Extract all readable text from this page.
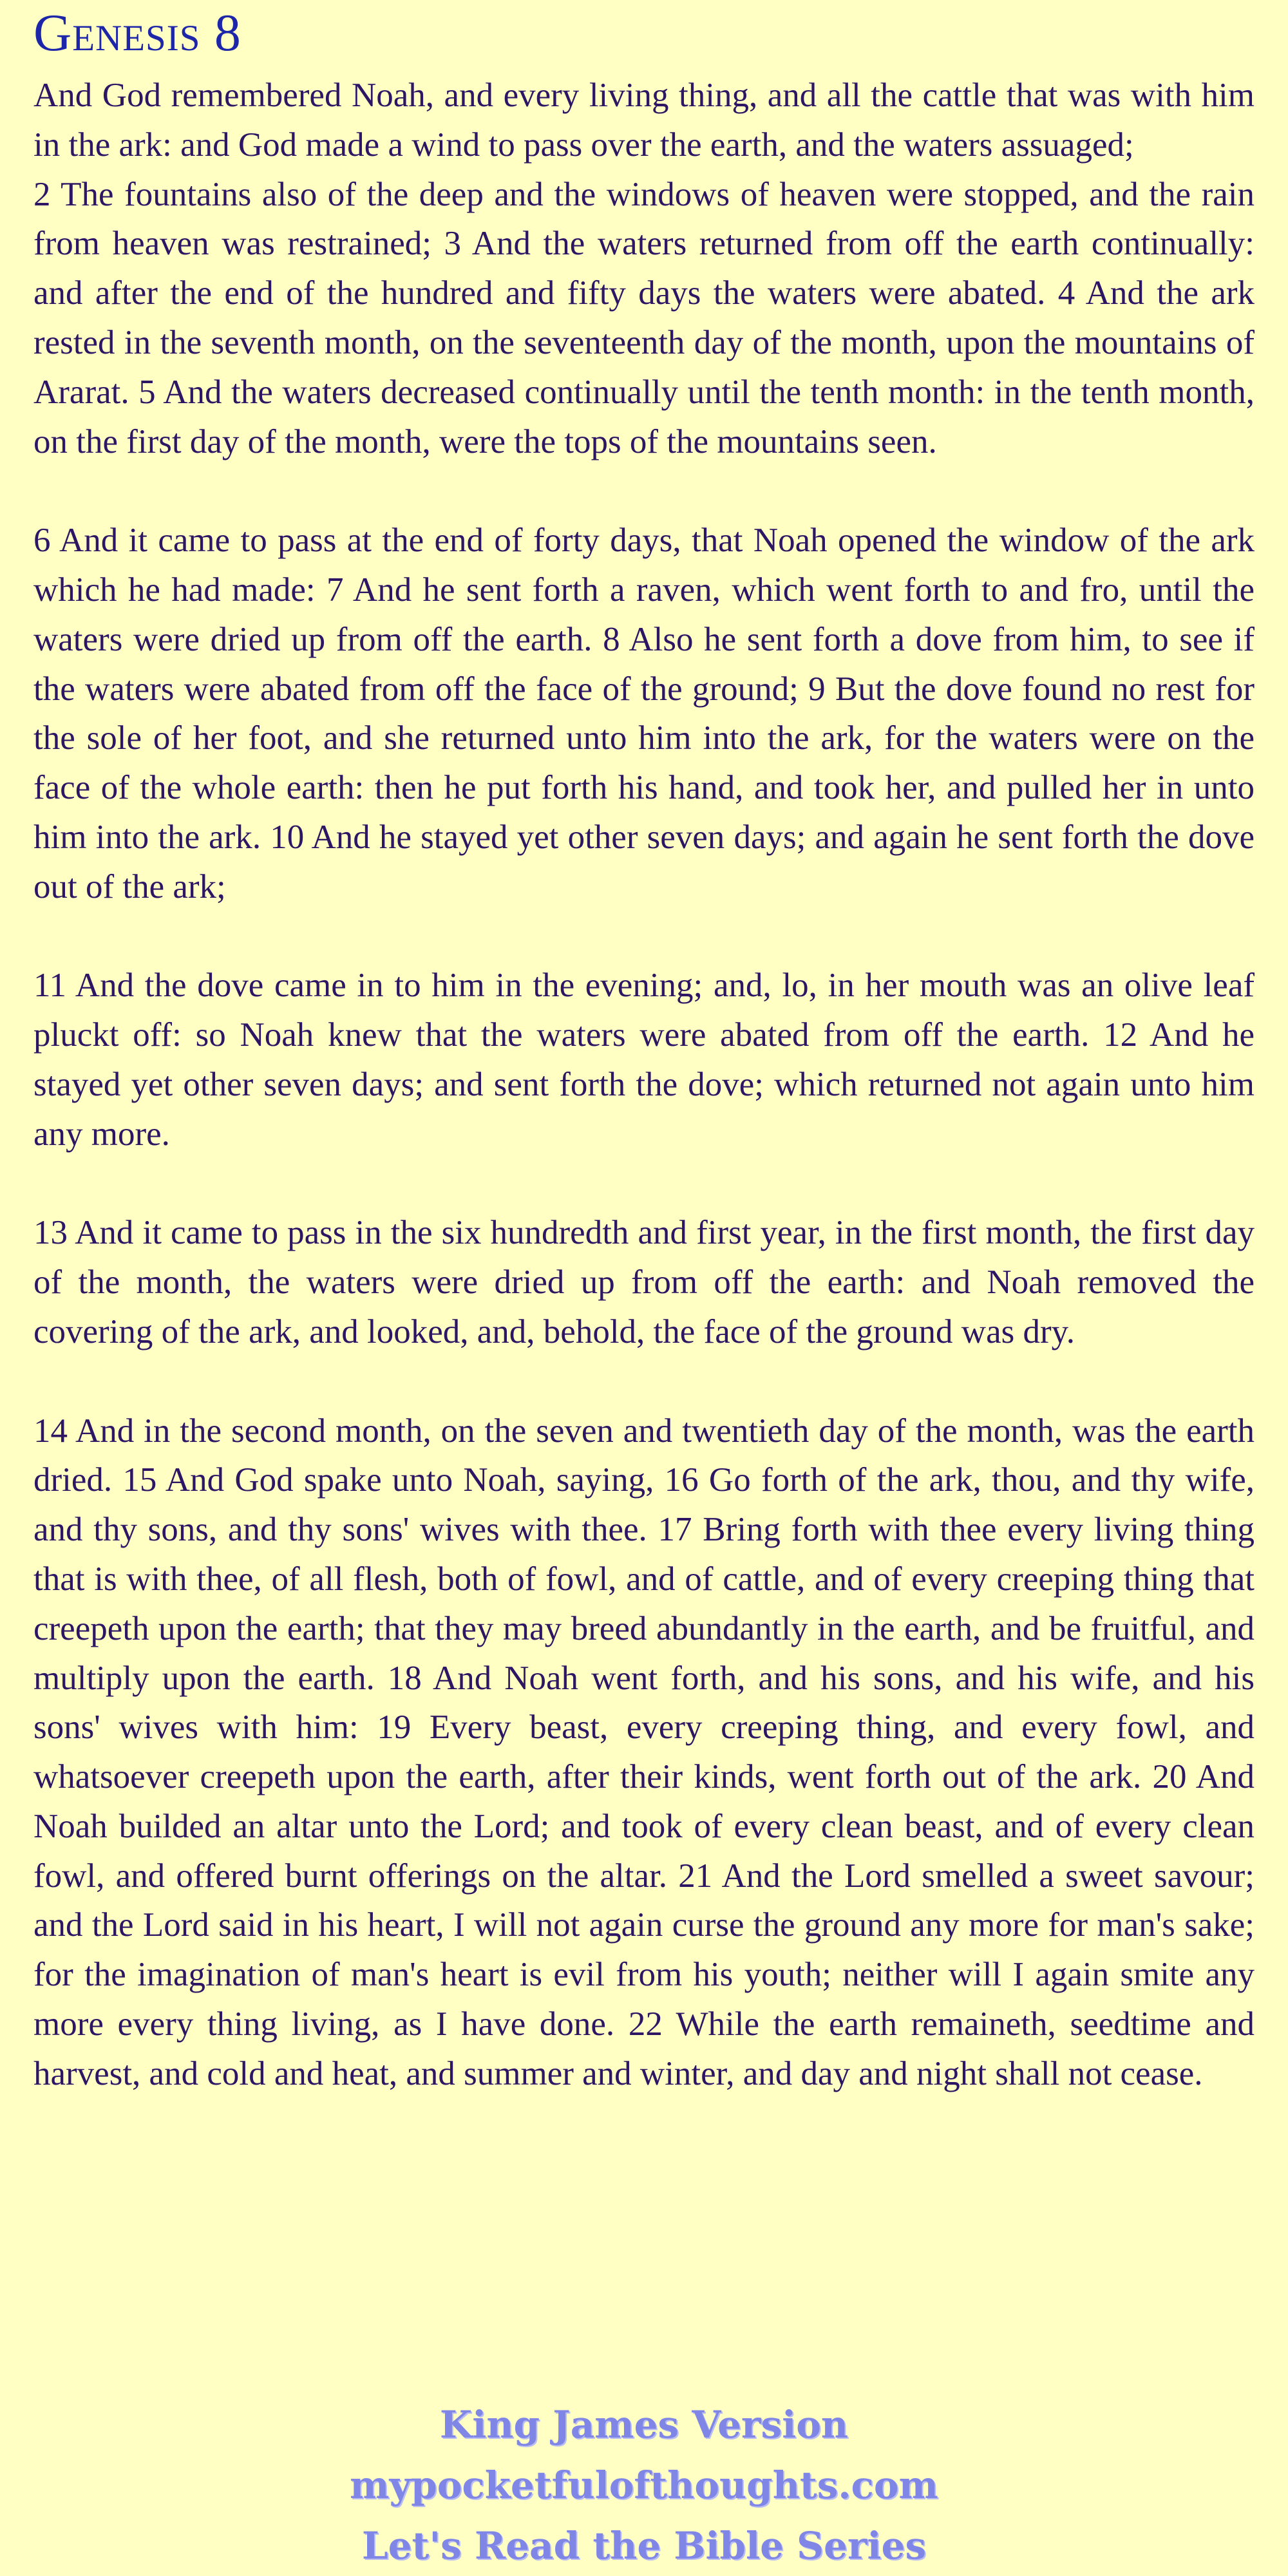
Genesis 8

And God remembered Noah, and every living thing, and all the cattle that was with him in the ark: and God made a wind to pass over the earth, and the waters assuaged;
2 The fountains also of the deep and the windows of heaven were stopped, and the rain from heaven was restrained; 3 And the waters returned from off the earth continually: and after the end of the hundred and fifty days the waters were abated. 4 And the ark rested in the seventh month, on the seventeenth day of the month, upon the mountains of Ararat. 5 And the waters decreased continually until the tenth month: in the tenth month, on the first day of the month, were the tops of the mountains seen.

6 And it came to pass at the end of forty days, that Noah opened the window of the ark which he had made: 7 And he sent forth a raven, which went forth to and fro, until the waters were dried up from off the earth. 8 Also he sent forth a dove from him, to see if the waters were abated from off the face of the ground; 9 But the dove found no rest for the sole of her foot, and she returned unto him into the ark, for the waters were on the face of the whole earth: then he put forth his hand, and took her, and pulled her in unto him into the ark. 10 And he stayed yet other seven days; and again he sent forth the dove out of the ark;

11 And the dove came in to him in the evening; and, lo, in her mouth was an olive leaf pluckt off: so Noah knew that the waters were abated from off the earth. 12 And he stayed yet other seven days; and sent forth the dove; which returned not again unto him any more.

13 And it came to pass in the six hundredth and first year, in the first month, the first day of the month, the waters were dried up from off the earth: and Noah removed the covering of the ark, and looked, and, behold, the face of the ground was dry.

14 And in the second month, on the seven and twentieth day of the month, was the earth dried. 15 And God spake unto Noah, saying, 16 Go forth of the ark, thou, and thy wife, and thy sons, and thy sons' wives with thee. 17 Bring forth with thee every living thing that is with thee, of all flesh, both of fowl, and of cattle, and of every creeping thing that creepeth upon the earth; that they may breed abundantly in the earth, and be fruitful, and multiply upon the earth. 18 And Noah went forth, and his sons, and his wife, and his sons' wives with him: 19 Every beast, every creeping thing, and every fowl, and whatsoever creepeth upon the earth, after their kinds, went forth out of the ark. 20 And Noah builded an altar unto the Lord; and took of every clean beast, and of every clean fowl, and offered burnt offerings on the altar. 21 And the Lord smelled a sweet savour; and the Lord said in his heart, I will not again curse the ground any more for man's sake; for the imagination of man's heart is evil from his youth; neither will I again smite any more every thing living, as I have done. 22 While the earth remaineth, seedtime and harvest, and cold and heat, and summer and winter, and day and night shall not cease.

King James Version
mypocketfulofthoughts.com
Let's Read the Bible Series
